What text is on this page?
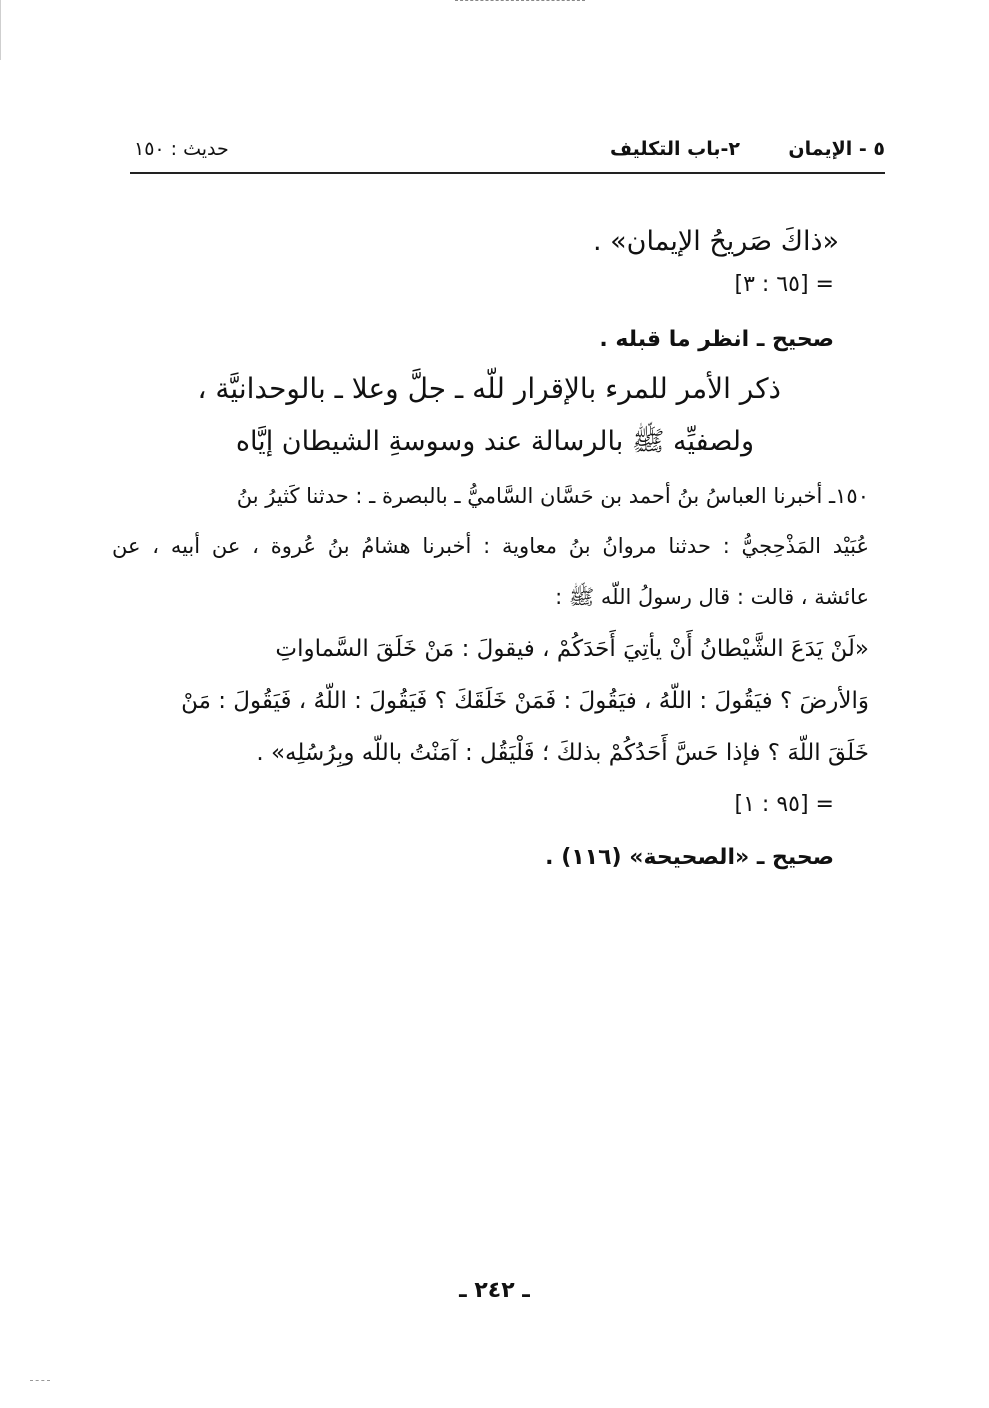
٥ - الإيمان
٢-باب التكليف
حديث : ١٥٠
«ذاكَ صَريحُ الإيمان» .
[٦٥ : ٣] =
صحيح ـ انظر ما قبله .
ذكر الأمر للمرء بالإقرار للّه ـ جلَّ وعلا ـ بالوحدانيَّة ،
ولصفيِّه ﷺ بالرسالة عند وسوسةِ الشيطان إيَّاه
١٥٠ـ أخبرنا العباسُ بنُ أحمد بن حَسَّان السَّاميُّ ـ بالبصرة ـ : حدثنا كَثيرُ بنُ
عُبَيْد المَذْحِجيُّ : حدثنا مروانُ بنُ معاوية : أخبرنا هشامُ بنُ عُروة ، عن أبيه ، عن
عائشة ، قالت : قال رسولُ اللّه ﷺ :
«لَنْ يَدَعَ الشَّيْطانُ أَنْ يأتِيَ أَحَدَكُمْ ، فيقولَ : مَنْ خَلَقَ السَّماواتِ
وَالأرضَ ؟ فيَقُولَ : اللّهُ ، فيَقُولَ : فَمَنْ خَلَقَكَ ؟ فَيَقُولَ : اللّهُ ، فَيَقُولَ : مَنْ
خَلَقَ اللّهَ ؟ فإذا حَسَّ أَحَدُكُمْ بذلكَ ؛ فَلْيَقُل : آمَنْتُ باللّه وبِرُسُلِه» .
[٩٥ : ١] =
صحيح ـ «الصحيحة» (١١٦) .
ـ ٢٤٢ ـ
